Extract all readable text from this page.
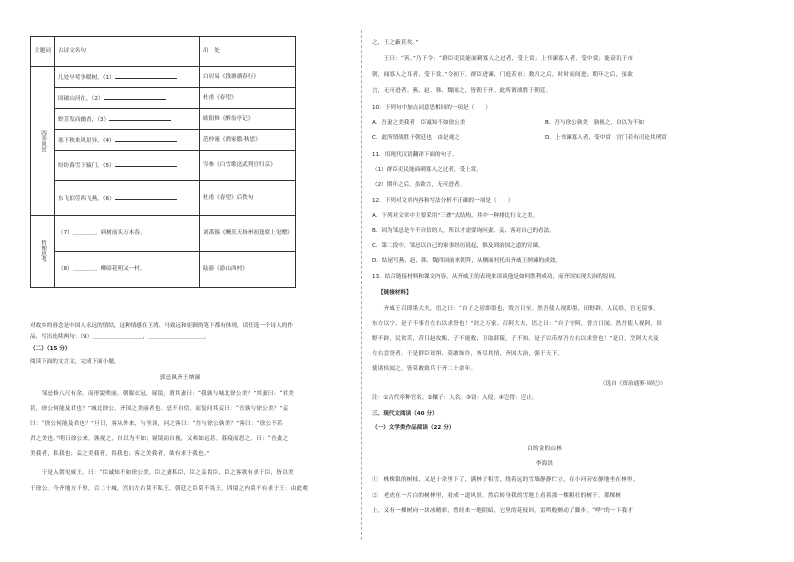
主题词	古诗文名句	出　处
四季风景	几处早莺争暖树，（1）	白居易《钱塘湖春行》
	国破山河在，（2）	杜甫《春望》
	野芳发而幽香，（3）	欧阳修《醉翁亭记》
	塞下秋来风景异，（4）	范仲淹《渔家傲·秋思》
	纷纷暮雪下辕门，（5）	岑参《白雪歌送武判官归京》
	东飞伯劳西飞燕，（6）	杜甫《春望》后佚句
哲理思考	（7）＿＿＿＿，病树前头万木春。	刘禹锡《酬乐天扬州初逢席上见赠》
	（8）＿＿＿＿，柳暗花明又一村。	陆游《游山西村》
对故乡的眷念是中国人永远的情结，这种情感在王湾、马致远和崔颢的笔下都有体现，请任选一个诗人的作
品，写出连续两句：（9）＿＿＿＿＿＿＿＿＿，＿＿＿＿＿＿＿＿＿＿。
（二）（15 分）
阅读下面的文言文，完成下面小题。
郭忌讽齐王纳谏
　　邹忌修八尺有余，而形貌昳丽。朝服衣冠，窥镜，谓其妻曰：“我孰与城北徐公美？”其妻曰：“君美
甚，徐公何能及君也？”城北徐公，齐国之美丽者也。忌不自信，而复问其妾曰：“吾孰与徐公美？”妾
曰：“徐公何能及君也？”旦日，客从外来，与坐谈，问之客曰：“吾与徐公孰美？”客曰：“徐公不若
君之美也。”明日徐公来，孰视之，自以为不如；窥镜而自视，又弗如远甚。暮寝而思之，曰：“吾妻之
美我者，私我也；妾之美我者，畏我也；客之美我者，欲有求于我也。”
　　于是入朝见威王，曰：“臣诚知不如徐公美。臣之妻私臣，臣之妾畏臣，臣之客欲有求于臣，皆以美
于徐公。今齐地方千里，百二十城，宫妇左右莫不私王，朝廷之臣莫不畏王，四境之内莫不有求于王：由此观
之，王之蔽甚矣。”
　　王曰：“善。”乃下令：“群臣吏民能面刺寡人之过者，受上赏；上书谏寡人者，受中赏；能谤讥于市
朝，闻寡人之耳者，受下赏。”令初下，群臣进谏，门庭若市；数月之后，时时而间进；期年之后，虽欲
言，无可进者。燕、赵、韩、魏闻之，皆朝于齐。此所谓战胜于朝廷。
10．下列句中加点词意思相同的一项是（　　）
A．吾妻之美我者　臣诚知不如徐公美	B．吾与徐公孰美　孰视之，自以为不如
C．此所谓战胜于朝廷也　由是观之	D．上书谏寡人者，受中赏　宫门若有司论其刑赏
11．用现代汉语翻译下面的句子。
（1）群臣吏民能面刺寡人之过者，受上赏。
（2）期年之后，虽欲言，无可进者。
12．下列对文章内容和写法分析不正确的一项是（　　）
A．下列对文章中主要采用“三叠”式结构，其中一种排比行文之美。
B．因为邹忌是个不自信的人，所以才需要询问妻、妾、客对自己的看法。
C．第二段中，邹忌以自己的家事经历说起，推及到治国之道的宣谏。
D．结尾写燕、赵、韩、魏四国前来朝拜，从侧面衬托出齐威王纳谏的成效。
13．结合链接材料和课文内容，从齐威王的表现来谈谈他是如何胜利成功，而齐国实现大治的原因。
【链接材料】
　　齐威王召即墨大夫，语之曰：“自子之居即墨也，毁言日至。然吾使人视即墨，田野辟，人民给，官无留事，
东方以宁，是子不事吾左右以求誉也！”封之万家。召阿大夫，语之曰：“自子守阿，誉言日闻。然吾使人视阿，田
野不辟，民贫苦，昔日赵攻甄，子不能救；卫取薛陵，子不知。是子以币厚吾左右以求誉也！”是日，烹阿大夫及
左右尝誉者。于是群臣耸惧，莫敢饰诈，务尽其情，齐国大治，强于天下。
使诸侯闻之，皆莫敢致兵于齐二十余年。
（选自《资治通鉴·周纪》）
注：①古代牵种官名。②穰子：人名。③窃：入侵。④岂得：岂止。
三、现代文阅读（40 分）
（一）文学类作品阅读（22 分）
白的金的山林
李海洪
①　株株银的树枝，又是十余里下了，满林子积雪，绕着远的雪墙静静伫立，在小河旁安静地坐在林里。
②　老虎在一片白的树林里，看成一道风景。然后转身我的雪地上看着那一棵粗壮的树干，那棵树
上，又有一棵树向一块冰精彩，曾经来一地阴暗，它里的花枝回，雷鸣般颤动了脚步，“哗”的一下我才
